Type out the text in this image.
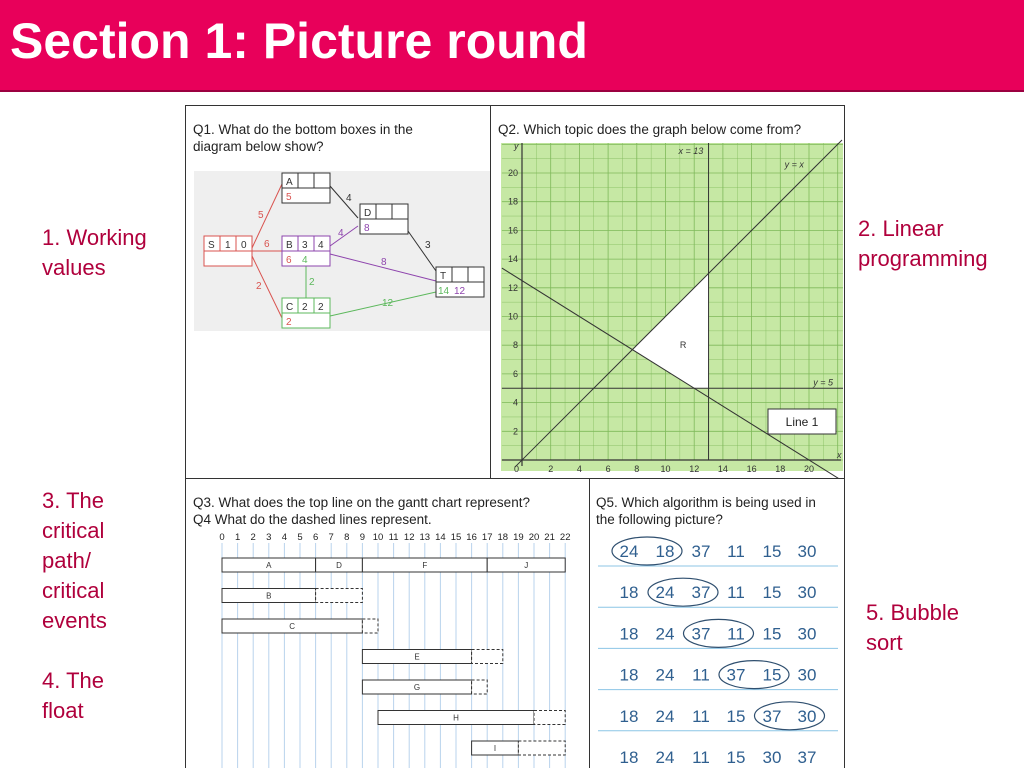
Section 1: Picture round
1. Working
values
2. Linear
programming
3. The
critical
path/
critical
events
4. The
float
5. Bubble
sort
Q1. What do the bottom boxes in the
diagram below show?
S 1 0
A
5
B 3 4
6 4
C 2 2
2
D
8
T
14 12
5
6
2
4
4
8
2
12
3
Q2. Which topic does the graph below come from?
2	4	6	8 10 12 14 16 18 20
2
4
6
8
10
12
14
16
18
20
0
y
x
x = 13
y = x
y = 5
R
Line 1
Q3. What does the top line on the gantt chart represent?
Q4 What do the dashed lines represent.
0 1 2 3 4 5 6 7 8 9 10 11 12 13 14 15 16 17 18 19 20 21 22
A	D	F	J
B
C
E
G
H
I
Q5. Which algorithm is being used in
the following picture?
24 18 37 11 15 30
18 24 37 11 15 30
18 24 37 11 15 30
18 24 11 37 15 30
18 24 11 15 37 30
18 24 11 15 30 37
